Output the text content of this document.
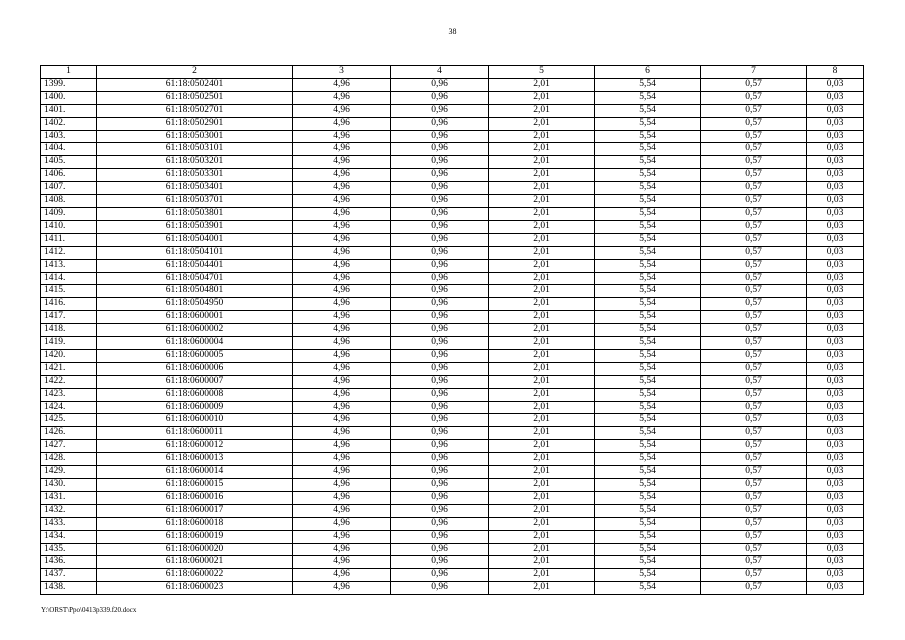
38
1	2	3	4	5	6	7	8
1399.	61:18:0502401	4,96	0,96	2,01	5,54	0,57	0,03
1400.	61:18:0502501	4,96	0,96	2,01	5,54	0,57	0,03
1401.	61:18:0502701	4,96	0,96	2,01	5,54	0,57	0,03
1402.	61:18:0502901	4,96	0,96	2,01	5,54	0,57	0,03
1403.	61:18:0503001	4,96	0,96	2,01	5,54	0,57	0,03
1404.	61:18:0503101	4,96	0,96	2,01	5,54	0,57	0,03
1405.	61:18:0503201	4,96	0,96	2,01	5,54	0,57	0,03
1406.	61:18:0503301	4,96	0,96	2,01	5,54	0,57	0,03
1407.	61:18:0503401	4,96	0,96	2,01	5,54	0,57	0,03
1408.	61:18:0503701	4,96	0,96	2,01	5,54	0,57	0,03
1409.	61:18:0503801	4,96	0,96	2,01	5,54	0,57	0,03
1410.	61:18:0503901	4,96	0,96	2,01	5,54	0,57	0,03
1411.	61:18:0504001	4,96	0,96	2,01	5,54	0,57	0,03
1412.	61:18:0504101	4,96	0,96	2,01	5,54	0,57	0,03
1413.	61:18:0504401	4,96	0,96	2,01	5,54	0,57	0,03
1414.	61:18:0504701	4,96	0,96	2,01	5,54	0,57	0,03
1415.	61:18:0504801	4,96	0,96	2,01	5,54	0,57	0,03
1416.	61:18:0504950	4,96	0,96	2,01	5,54	0,57	0,03
1417.	61:18:0600001	4,96	0,96	2,01	5,54	0,57	0,03
1418.	61:18:0600002	4,96	0,96	2,01	5,54	0,57	0,03
1419.	61:18:0600004	4,96	0,96	2,01	5,54	0,57	0,03
1420.	61:18:0600005	4,96	0,96	2,01	5,54	0,57	0,03
1421.	61:18:0600006	4,96	0,96	2,01	5,54	0,57	0,03
1422.	61:18:0600007	4,96	0,96	2,01	5,54	0,57	0,03
1423.	61:18:0600008	4,96	0,96	2,01	5,54	0,57	0,03
1424.	61:18:0600009	4,96	0,96	2,01	5,54	0,57	0,03
1425.	61:18:0600010	4,96	0,96	2,01	5,54	0,57	0,03
1426.	61:18:0600011	4,96	0,96	2,01	5,54	0,57	0,03
1427.	61:18:0600012	4,96	0,96	2,01	5,54	0,57	0,03
1428.	61:18:0600013	4,96	0,96	2,01	5,54	0,57	0,03
1429.	61:18:0600014	4,96	0,96	2,01	5,54	0,57	0,03
1430.	61:18:0600015	4,96	0,96	2,01	5,54	0,57	0,03
1431.	61:18:0600016	4,96	0,96	2,01	5,54	0,57	0,03
1432.	61:18:0600017	4,96	0,96	2,01	5,54	0,57	0,03
1433.	61:18:0600018	4,96	0,96	2,01	5,54	0,57	0,03
1434.	61:18:0600019	4,96	0,96	2,01	5,54	0,57	0,03
1435.	61:18:0600020	4,96	0,96	2,01	5,54	0,57	0,03
1436.	61:18:0600021	4,96	0,96	2,01	5,54	0,57	0,03
1437.	61:18:0600022	4,96	0,96	2,01	5,54	0,57	0,03
1438.	61:18:0600023	4,96	0,96	2,01	5,54	0,57	0,03
Y:\ORST\Ppo\0413p339.f20.docx
